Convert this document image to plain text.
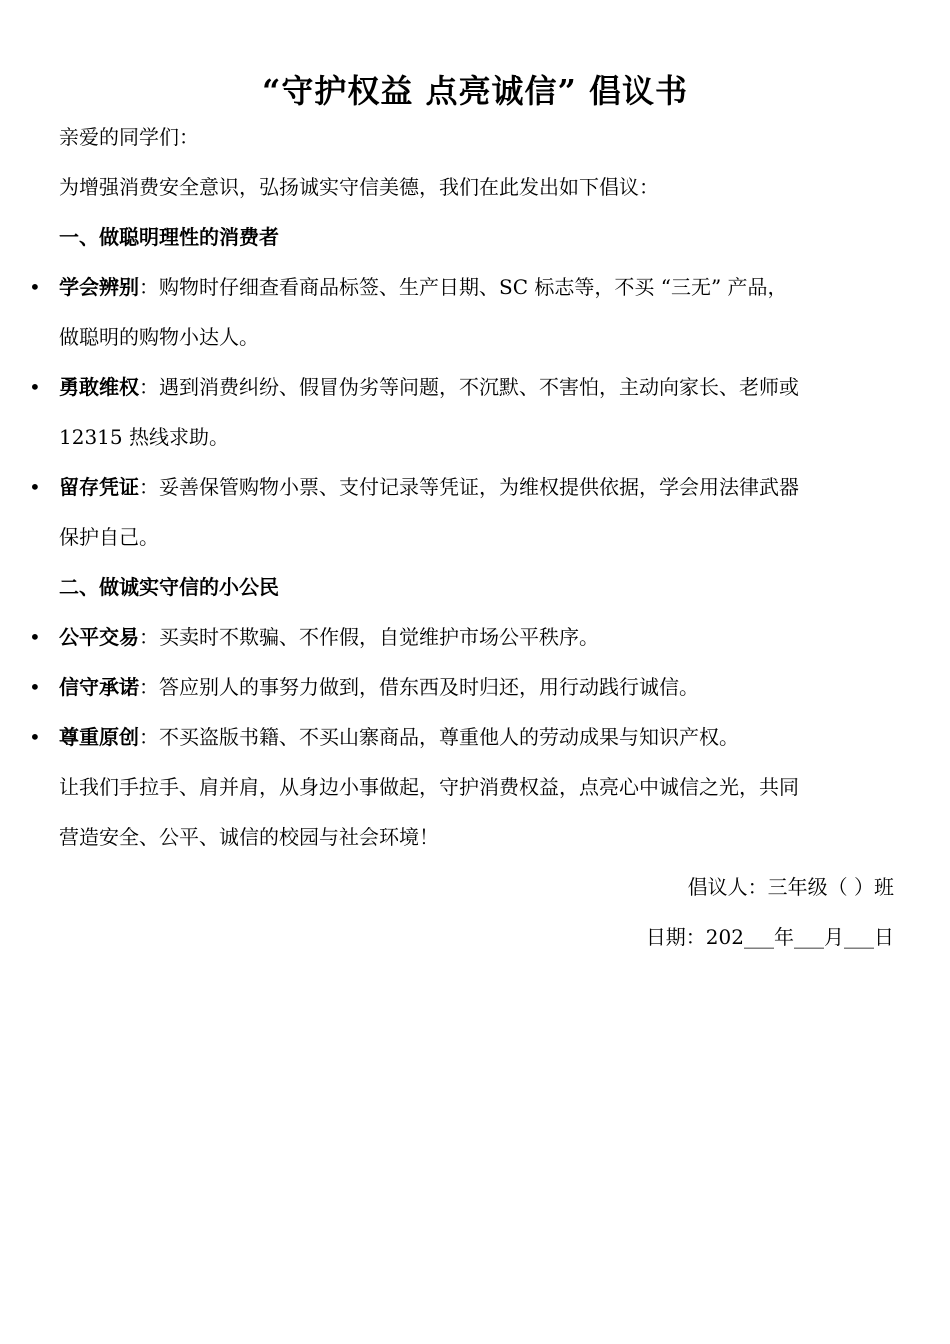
“守护权益 点亮诚信” 倡议书
亲爱的同学们：
为增强消费安全意识，弘扬诚实守信美德，我们在此发出如下倡议：
一、做聪明理性的消费者
• 学会辨别：购物时仔细查看商品标签、生产日期、SC 标志等，不买 “三无” 产品，
做聪明的购物小达人。
• 勇敢维权：遇到消费纠纷、假冒伪劣等问题，不沉默、不害怕，主动向家长、老师或
12315 热线求助。
• 留存凭证：妥善保管购物小票、支付记录等凭证，为维权提供依据，学会用法律武器
保护自己。
二、做诚实守信的小公民
• 公平交易：买卖时不欺骗、不作假，自觉维护市场公平秩序。
• 信守承诺：答应别人的事努力做到，借东西及时归还，用行动践行诚信。
• 尊重原创：不买盗版书籍、不买山寨商品，尊重他人的劳动成果与知识产权。
让我们手拉手、肩并肩，从身边小事做起，守护消费权益，点亮心中诚信之光，共同
营造安全、公平、诚信的校园与社会环境！
倡议人：三年级（ ）班
日期：202___年___月___日
